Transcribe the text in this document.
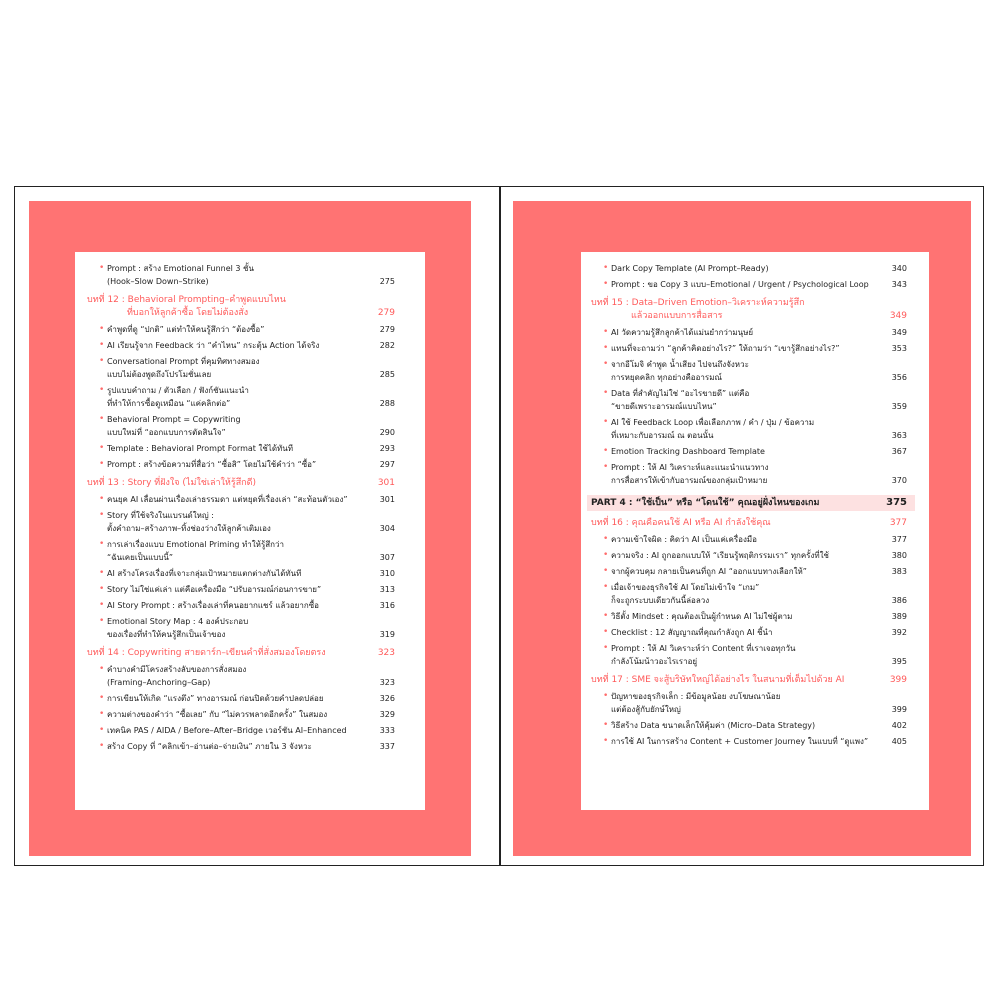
• Prompt : สร้าง Emotional Funnel 3 ชั้น
(Hook–Slow Down–Strike)	275
บทที่ 12 : Behavioral Prompting–คำพูดแบบไหน
ที่บอกให้ลูกค้าซื้อ โดยไม่ต้องสั่ง	279
• คำพูดที่ดู “ปกติ” แต่ทำให้คนรู้สึกว่า “ต้องซื้อ”	279
• AI เรียนรู้จาก Feedback ว่า “คำไหน” กระตุ้น Action ได้จริง	282
• Conversational Prompt ที่คุมทิศทางสมอง
แบบไม่ต้องพูดถึงโปรโมชั่นเลย	285
• รูปแบบคำถาม / ตัวเลือก / ฟังก์ชันแนะนำ
ที่ทำให้การซื้อดูเหมือน “แค่คลิกต่อ”	288
• Behavioral Prompt = Copywriting
แบบใหม่ที่ “ออกแบบการตัดสินใจ”	290
• Template : Behavioral Prompt Format ใช้ได้ทันที	293
• Prompt : สร้างข้อความที่สื่อว่า “ซื้อสิ” โดยไม่ใช้คำว่า “ซื้อ”	297
บทที่ 13 : Story ที่ฝังใจ (ไม่ใช่เล่าให้รู้สึกดี)	301
• คนยุค AI เลื่อนผ่านเรื่องเล่าธรรมดา แต่หยุดที่เรื่องเล่า “สะท้อนตัวเอง”	301
• Story ที่ใช้จริงในแบรนด์ใหญ่ :
ตั้งคำถาม–สร้างภาพ–ทิ้งช่องว่างให้ลูกค้าเติมเอง	304
• การเล่าเรื่องแบบ Emotional Priming ทำให้รู้สึกว่า
“ฉันเคยเป็นแบบนี้”	307
• AI สร้างโครงเรื่องที่เจาะกลุ่มเป้าหมายแตกต่างกันได้ทันที	310
• Story ไม่ใช่แค่เล่า แต่คือเครื่องมือ “ปรับอารมณ์ก่อนการขาย”	313
• AI Story Prompt : สร้างเรื่องเล่าที่คนอยากแชร์ แล้วอยากซื้อ	316
• Emotional Story Map : 4 องค์ประกอบ
ของเรื่องที่ทำให้คนรู้สึกเป็นเจ้าของ	319
บทที่ 14 : Copywriting สายดาร์ก–เขียนคำที่สั่งสมองโดยตรง	323
• คำบางคำมีโครงสร้างลับของการสั่งสมอง
(Framing–Anchoring–Gap)	323
• การเขียนให้เกิด “แรงตึง” ทางอารมณ์ ก่อนปิดด้วยคำปลดปล่อย	326
• ความต่างของคำว่า “ซื้อเลย” กับ “ไม่ควรพลาดอีกครั้ง” ในสมอง	329
• เทคนิค PAS / AIDA / Before–After–Bridge เวอร์ชัน AI–Enhanced	333
• สร้าง Copy ที่ “คลิกเข้า–อ่านต่อ–จ่ายเงิน” ภายใน 3 จังหวะ	337
• Dark Copy Template (AI Prompt–Ready)	340
• Prompt : ขอ Copy 3 แบบ–Emotional / Urgent / Psychological Loop	343
บทที่ 15 : Data–Driven Emotion–วิเคราะห์ความรู้สึก
แล้วออกแบบการสื่อสาร	349
• AI วัดความรู้สึกลูกค้าได้แม่นยำกว่ามนุษย์	349
• แทนที่จะถามว่า “ลูกค้าคิดอย่างไร?” ให้ถามว่า “เขารู้สึกอย่างไร?”	353
• จากอีโมจิ คำพูด น้ำเสียง ไปจนถึงจังหวะ
การหยุดคลิก ทุกอย่างคืออารมณ์	356
• Data ที่สำคัญไม่ใช่ “อะไรขายดี” แต่คือ
“ขายดีเพราะอารมณ์แบบไหน”	359
• AI ใช้ Feedback Loop เพื่อเลือกภาพ / คำ / ปุ่ม / ข้อความ
ที่เหมาะกับอารมณ์ ณ ตอนนั้น	363
• Emotion Tracking Dashboard Template	367
• Prompt : ให้ AI วิเคราะห์และแนะนำแนวทาง
การสื่อสารให้เข้ากับอารมณ์ของกลุ่มเป้าหมาย	370
PART 4 : “ใช้เป็น” หรือ “โดนใช้” คุณอยู่ฝั่งไหนของเกม	375
บทที่ 16 : คุณคือคนใช้ AI หรือ AI กำลังใช้คุณ	377
• ความเข้าใจผิด : คิดว่า AI เป็นแค่เครื่องมือ	377
• ความจริง : AI ถูกออกแบบให้ “เรียนรู้พฤติกรรมเรา” ทุกครั้งที่ใช้	380
• จากผู้ควบคุม กลายเป็นคนที่ถูก AI “ออกแบบทางเลือกให้”	383
• เมื่อเจ้าของธุรกิจใช้ AI โดยไม่เข้าใจ “เกม”
ก็จะถูกระบบเดียวกันนี้ล่อลวง	386
• วิธีตั้ง Mindset : คุณต้องเป็นผู้กำหนด AI ไม่ใช่ผู้ตาม	389
• Checklist : 12 สัญญาณที่คุณกำลังถูก AI ชี้นำ	392
• Prompt : ให้ AI วิเคราะห์ว่า Content ที่เราเจอทุกวัน
กำลังโน้มน้าวอะไรเราอยู่	395
บทที่ 17 : SME จะสู้บริษัทใหญ่ได้อย่างไร ในสนามที่เต็มไปด้วย AI	399
• ปัญหาของธุรกิจเล็ก : มีข้อมูลน้อย งบโฆษณาน้อย
แต่ต้องสู้กับยักษ์ใหญ่	399
• วิธีสร้าง Data ขนาดเล็กให้คุ้มค่า (Micro–Data Strategy)	402
• การใช้ AI ในการสร้าง Content + Customer Journey ในแบบที่ “ดูแพง”	405
